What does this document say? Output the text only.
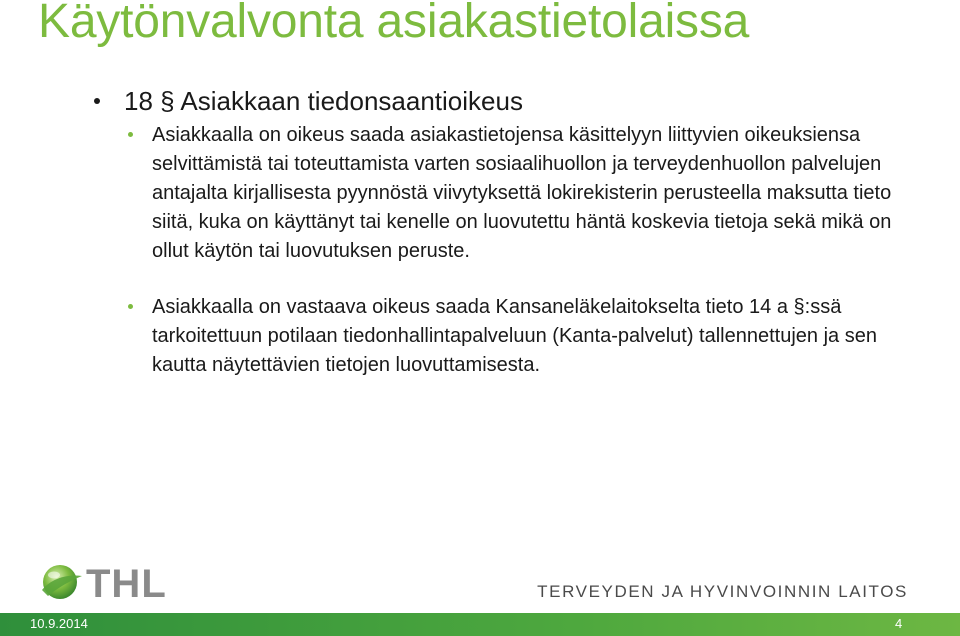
Käytönvalvonta asiakastietolaissa
18 § Asiakkaan tiedonsaantioikeus

Asiakkaalla on oikeus saada asiakastietojensa käsittelyyn liittyvien oikeuksiensa selvittämistä tai toteuttamista varten sosiaalihuollon ja terveydenhuollon palvelujen antajalta kirjallisesta pyynnöstä viivytyksettä lokirekisterin perusteella maksutta tieto siitä, kuka on käyttänyt tai kenelle on luovutettu häntä koskevia tietoja sekä mikä on ollut käytön tai luovutuksen peruste.

Asiakkaalla on vastaava oikeus saada Kansaneläkelaitokselta tieto 14 a §:ssä tarkoitettuun potilaan tiedonhallintapalveluun (Kanta-palvelut) tallennettujen ja sen kautta näytettävien tietojen luovuttamisesta.

THL	TERVEYDEN JA HYVINVOINNIN LAITOS
10.9.2014	4
